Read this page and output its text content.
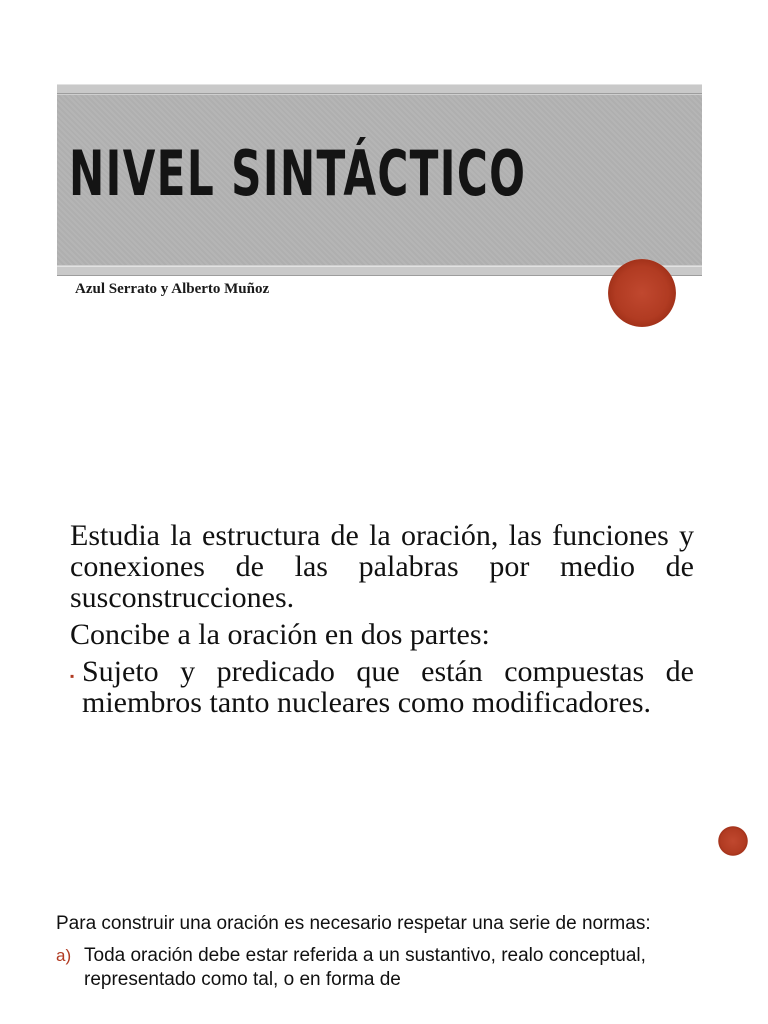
NIVEL SINTÁCTICO
Azul Serrato y Alberto Muñoz

Estudia la estructura de la oración, las funciones y conexiones de las palabras por medio de susconstrucciones.

Concibe a la oración en dos partes:

▪ Sujeto y predicado que están compuestas de miembros tanto nucleares como modificadores.

Para construir una oración es necesario respetar una serie de normas:

a) Toda oración debe estar referida a un sustantivo, realo conceptual, representado como tal, o en forma de
